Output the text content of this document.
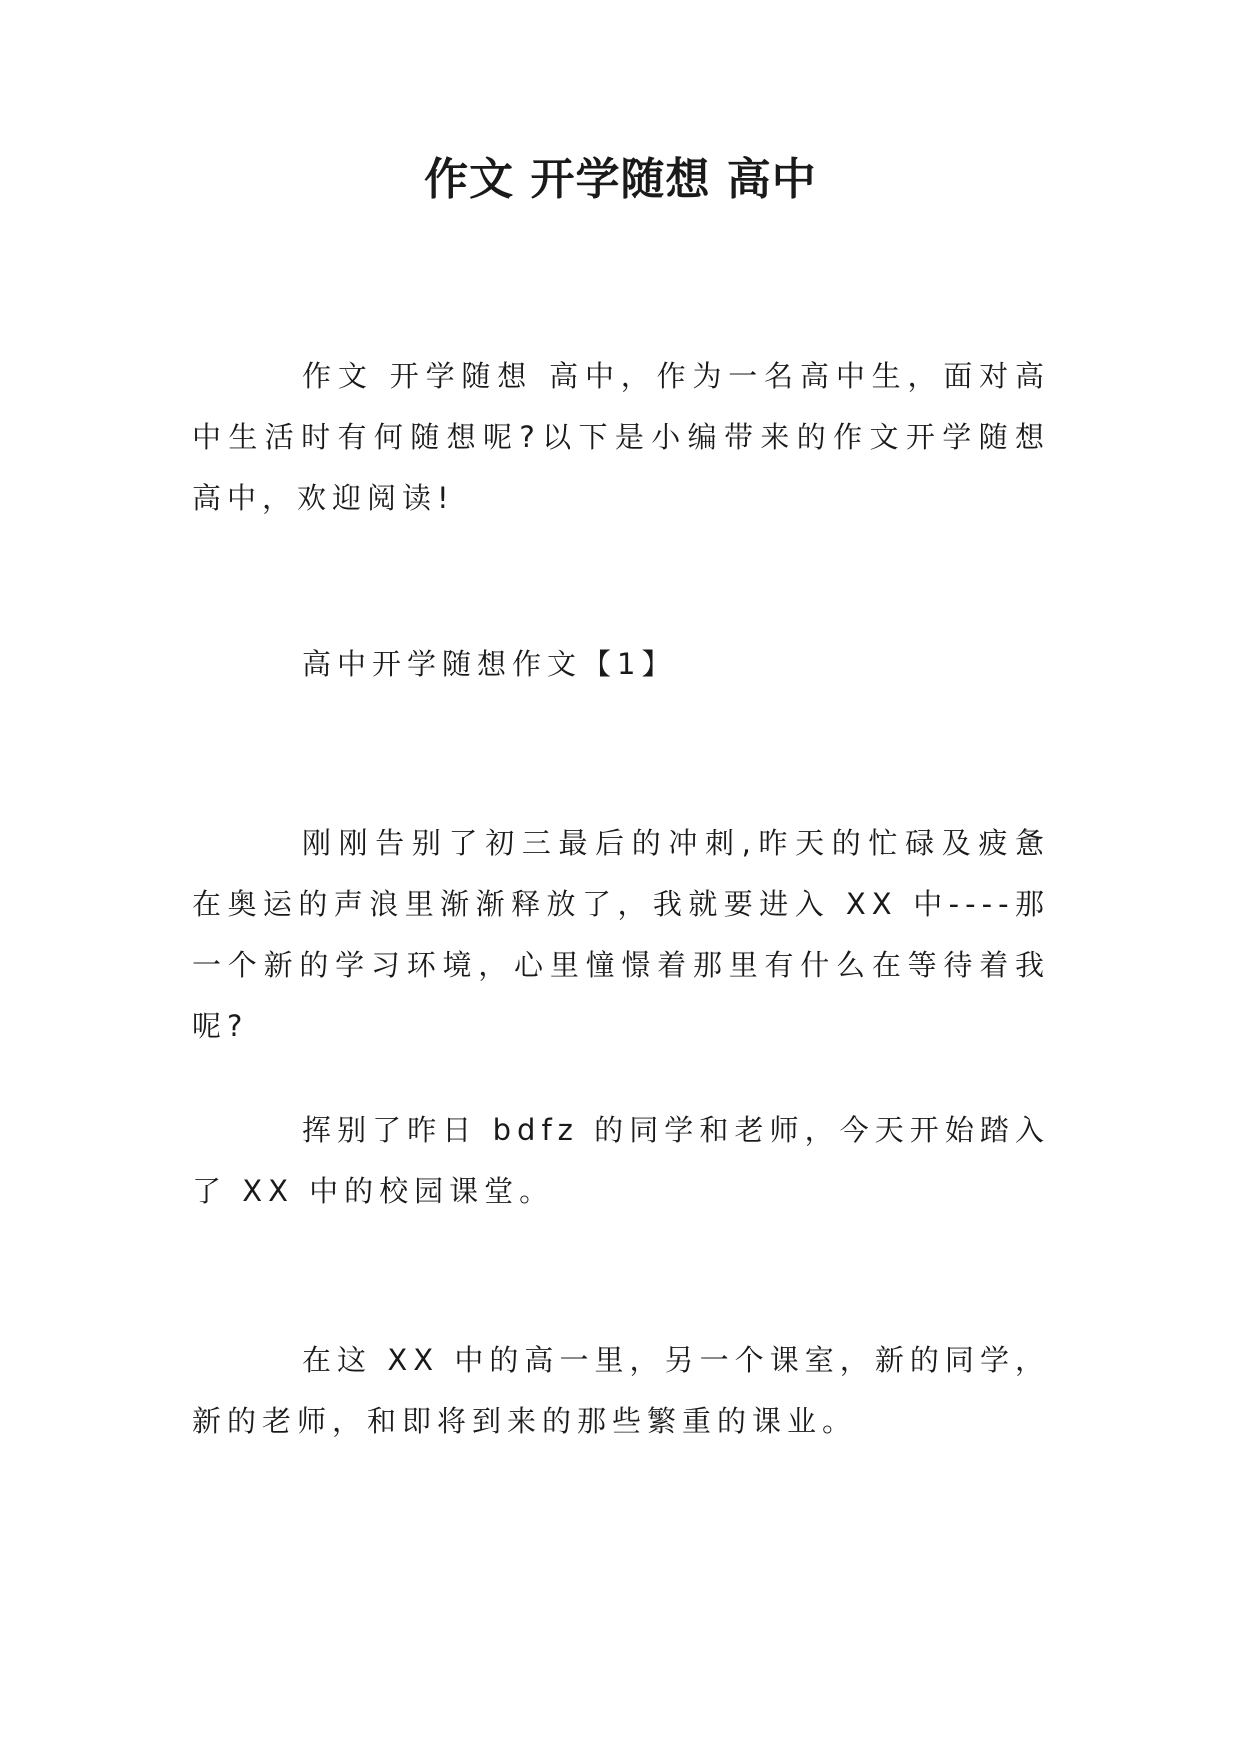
作文 开学随想 高中

作文 开学随想 高中，作为一名高中生，面对高中生活时有何随想呢?以下是小编带来的作文开学随想高中，欢迎阅读!

高中开学随想作文【1】

刚刚告别了初三最后的冲刺,昨天的忙碌及疲惫在奥运的声浪里渐渐释放了，我就要进入 XX 中----那一个新的学习环境，心里憧憬着那里有什么在等待着我呢?

挥别了昨日 bdfz 的同学和老师，今天开始踏入了 XX 中的校园课堂。

在这 XX 中的高一里，另一个课室，新的同学，新的老师，和即将到来的那些繁重的课业。
